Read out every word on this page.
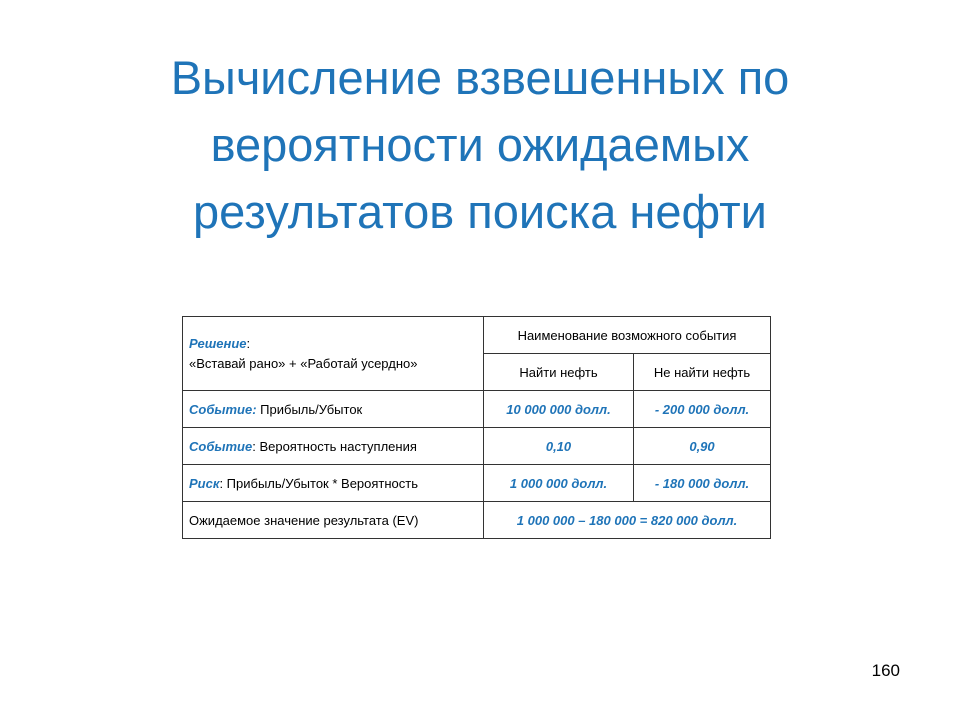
Вычисление взвешенных по
вероятности ожидаемых
результатов поиска нефти
Решение:
«Вставай рано» + «Работай усердно»	Наименование возможного события	
	Найти нефть	Не найти нефть
Событие: Прибыль/Убыток	10 000 000 долл.	- 200 000 долл.
Событие: Вероятность наступления	0,10	0,90
Риск: Прибыль/Убыток * Вероятность	1 000 000 долл.	- 180 000 долл.
Ожидаемое значение результата (EV)	1 000 000 – 180 000 = 820 000 долл.	
160
